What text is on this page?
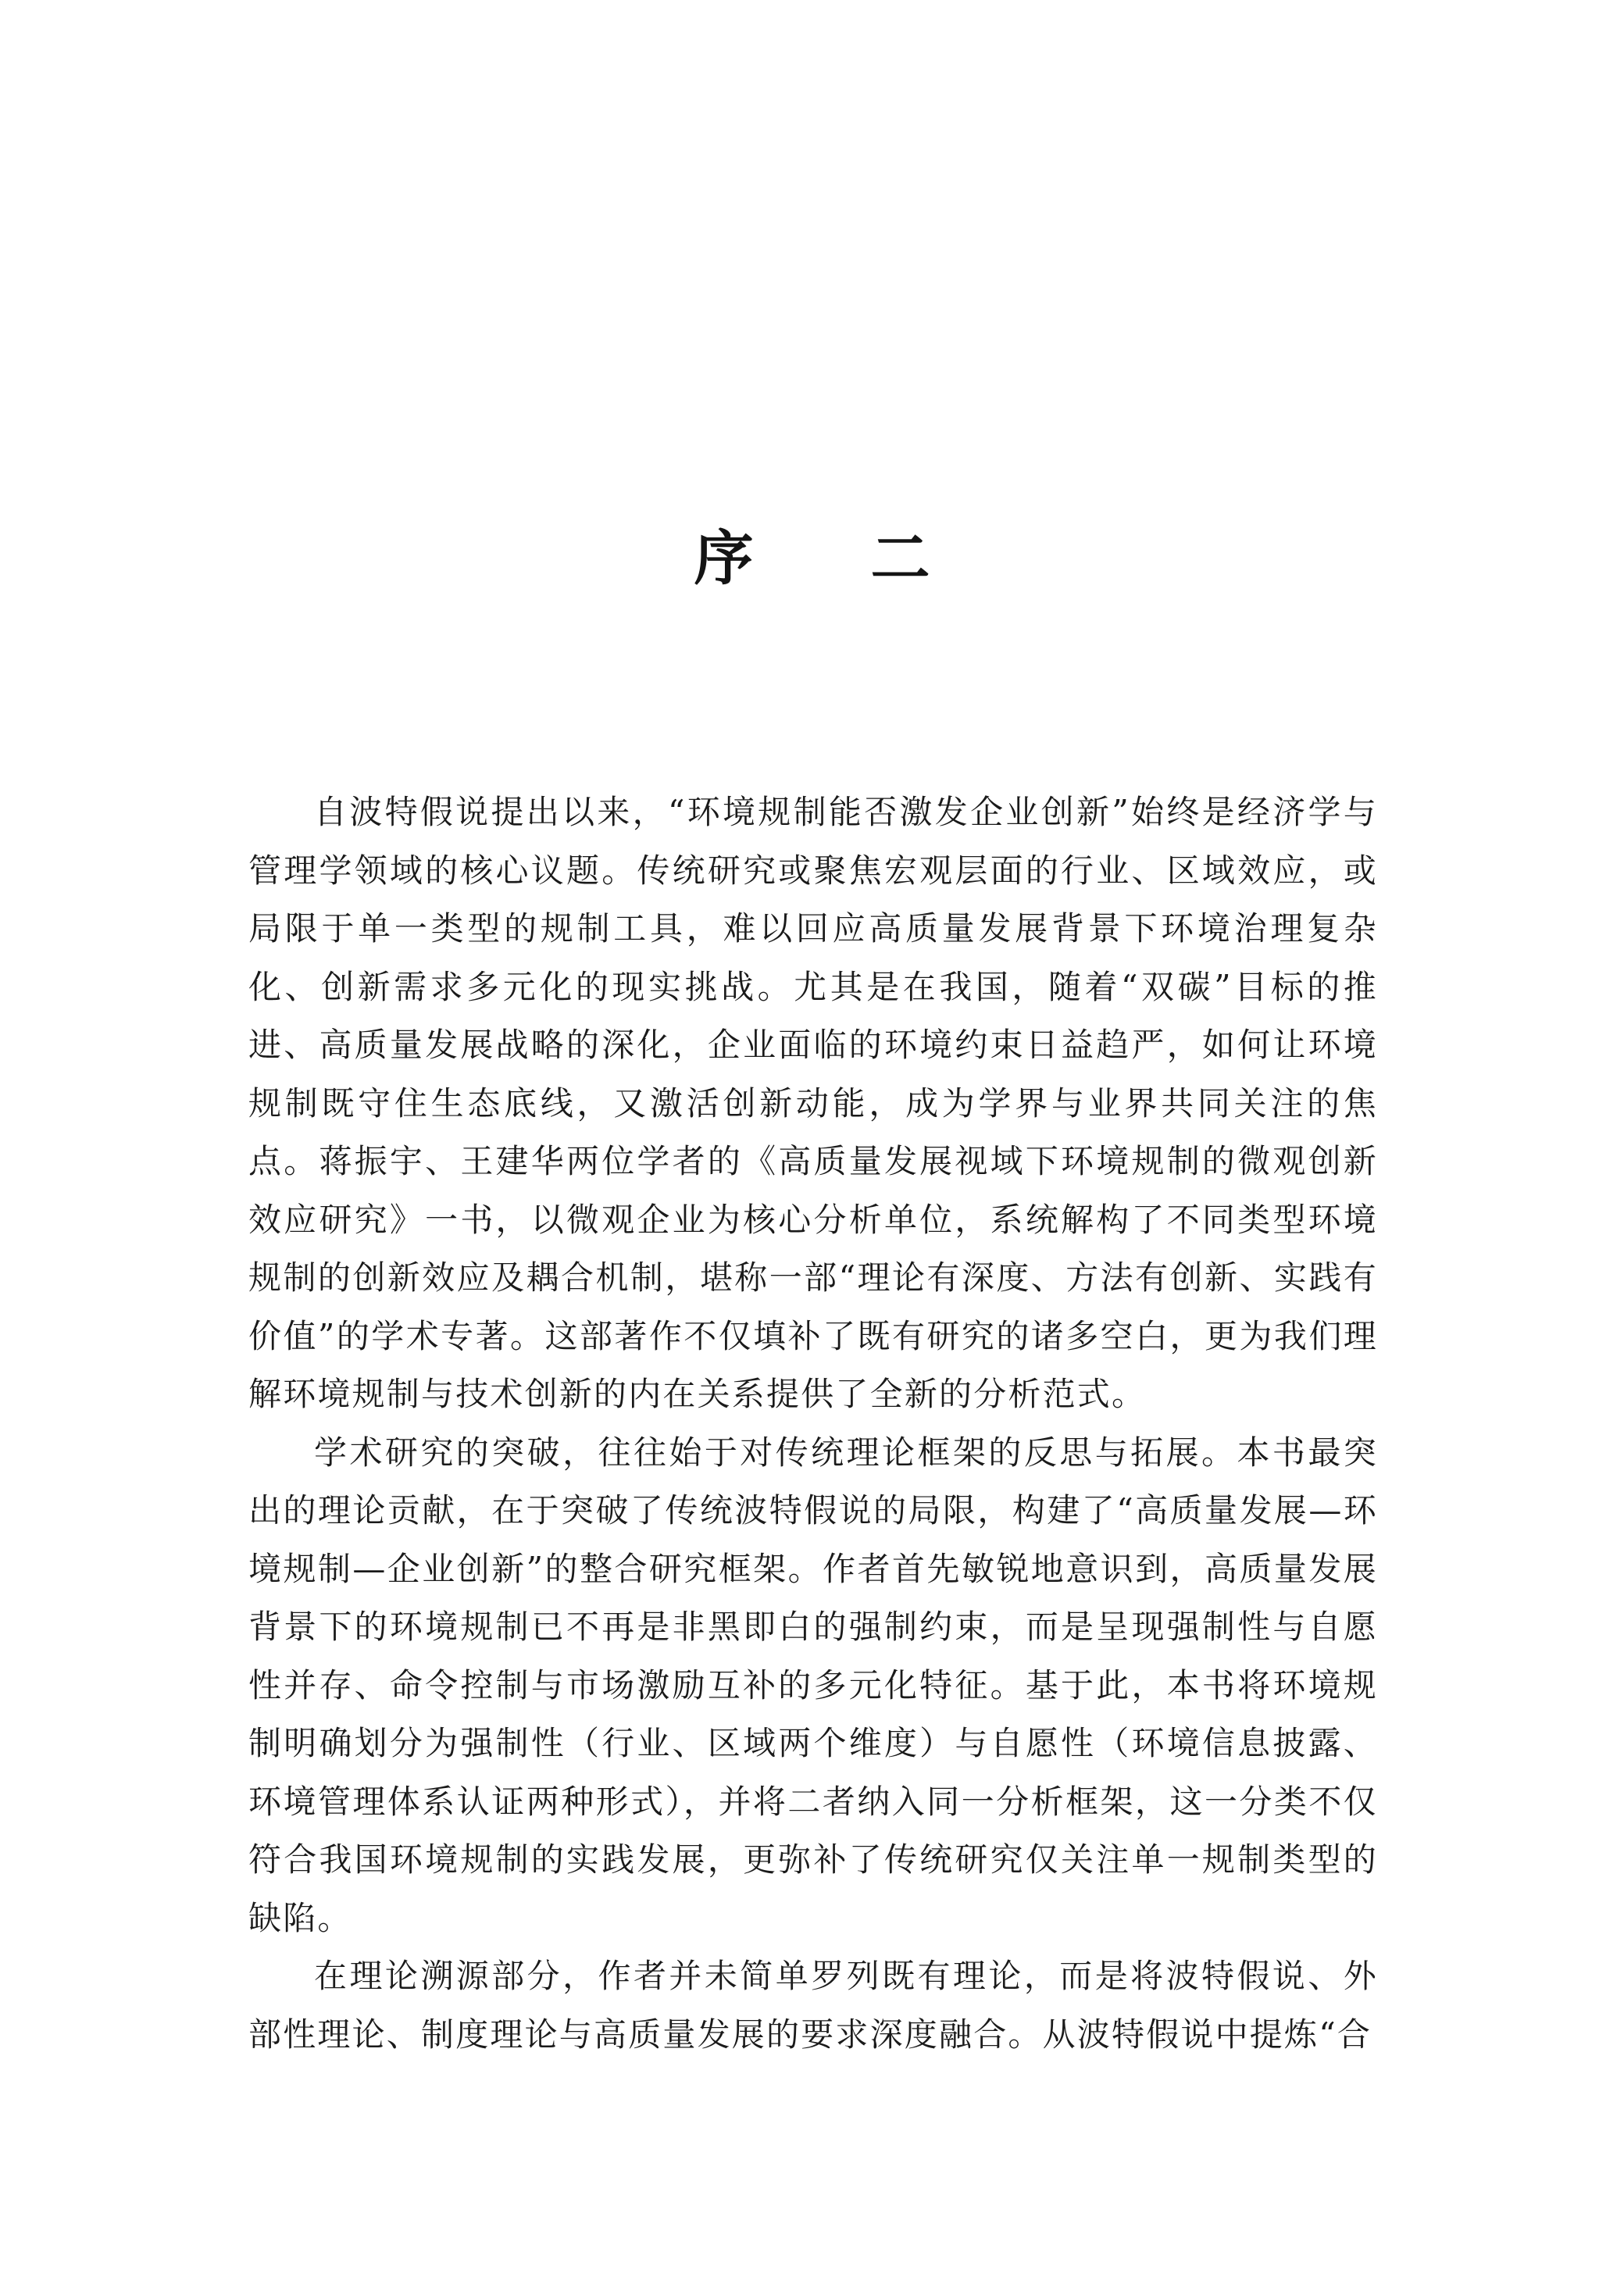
序 二

自波特假说提出以来，“环境规制能否激发企业创新”始终是经济学与管理学领域的核心议题。传统研究或聚焦宏观层面的行业、区域效应，或局限于单一类型的规制工具，难以回应高质量发展背景下环境治理复杂化、创新需求多元化的现实挑战。尤其是在我国，随着“双碳”目标的推进、高质量发展战略的深化，企业面临的环境约束日益趋严，如何让环境规制既守住生态底线，又激活创新动能，成为学界与业界共同关注的焦点。蒋振宇、王建华两位学者的《高质量发展视域下环境规制的微观创新效应研究》一书，以微观企业为核心分析单位，系统解构了不同类型环境规制的创新效应及耦合机制，堪称一部“理论有深度、方法有创新、实践有价值”的学术专著。这部著作不仅填补了既有研究的诸多空白，更为我们理解环境规制与技术创新的内在关系提供了全新的分析范式。

学术研究的突破，往往始于对传统理论框架的反思与拓展。本书最突出的理论贡献，在于突破了传统波特假说的局限，构建了“高质量发展—环境规制—企业创新”的整合研究框架。作者首先敏锐地意识到，高质量发展背景下的环境规制已不再是非黑即白的强制约束，而是呈现强制性与自愿性并存、命令控制与市场激励互补的多元化特征。基于此，本书将环境规制明确划分为强制性（行业、区域两个维度）与自愿性（环境信息披露、环境管理体系认证两种形式），并将二者纳入同一分析框架，这一分类不仅符合我国环境规制的实践发展，更弥补了传统研究仅关注单一规制类型的缺陷。

在理论溯源部分，作者并未简单罗列既有理论，而是将波特假说、外部性理论、制度理论与高质量发展的要求深度融合。从波特假说中提炼“合
